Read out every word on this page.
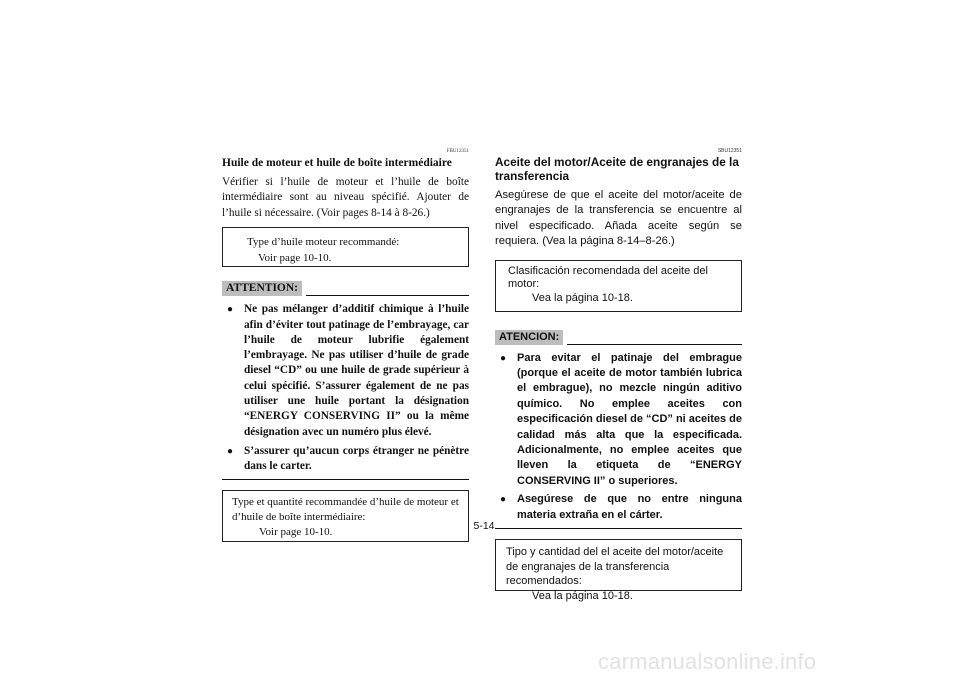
FBU12351
Huile de moteur et huile de boîte intermédiaire
Vérifier si l’huile de moteur et l’huile de boîte intermédiaire sont au niveau spécifié. Ajouter de l’huile si nécessaire. (Voir pages 8-14 à 8-26.)
Type d’huile moteur recommandé:
Voir page 10-10.
ATTENTION:
● Ne pas mélanger d’additif chimique à l’huile afin d’éviter tout patinage de l’embrayage, car l’huile de moteur lubrifie également l’embrayage. Ne pas utiliser d’huile de grade diesel “CD” ou une huile de grade supérieur à celui spécifié. S’assurer également de ne pas utiliser une huile portant la désignation “ENERGY CONSERVING II” ou la même désignation avec un numéro plus élevé.
● S’assurer qu’aucun corps étranger ne pénètre dans le carter.
Type et quantité recommandée d’huile de moteur et d’huile de boîte intermédiaire:
Voir page 10-10.
SBU12351
Aceite del motor/Aceite de engranajes de la transferencia
Asegúrese de que el aceite del motor/aceite de engranajes de la transferencia se encuentre al nivel especificado. Añada aceite según se requiera. (Vea la página 8-14–8-26.)
Clasificación recomendada del aceite del motor:
Vea la página 10-18.
ATENCION:
● Para evitar el patinaje del embrague (porque el aceite de motor también lubrica el embrague), no mezcle ningún aditivo químico. No emplee aceites con especificación diesel de “CD” ni aceites de calidad más alta que la especificada. Adicionalmente, no emplee aceites que lleven la etiqueta de “ENERGY CONSERVING II” o superiores.
● Asegúrese de que no entre ninguna materia extraña en el cárter.
Tipo y cantidad del el aceite del motor/aceite de engranajes de la transferencia recomendados:
Vea la página 10-18.
5-14
carmanualsonline.info
